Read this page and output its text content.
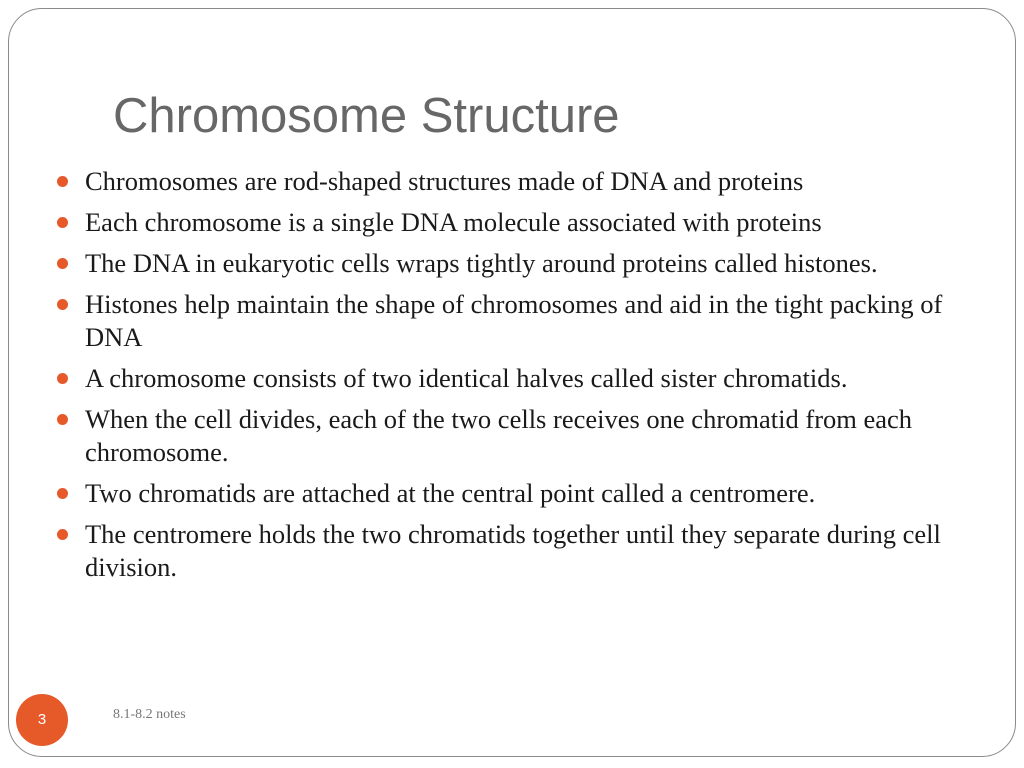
Chromosome Structure
Chromosomes are rod-shaped structures made of DNA and proteins
Each chromosome is a single DNA molecule associated with proteins
The DNA in eukaryotic cells wraps tightly around proteins called histones.
Histones help maintain the shape of chromosomes and aid in the tight packing of DNA
A chromosome consists of two identical halves called sister chromatids.
When the cell divides, each of the two cells receives one chromatid from each chromosome.
Two chromatids are attached at the central point called a centromere.
The centromere holds the two chromatids together until they separate during cell division.
3	8.1-8.2 notes
